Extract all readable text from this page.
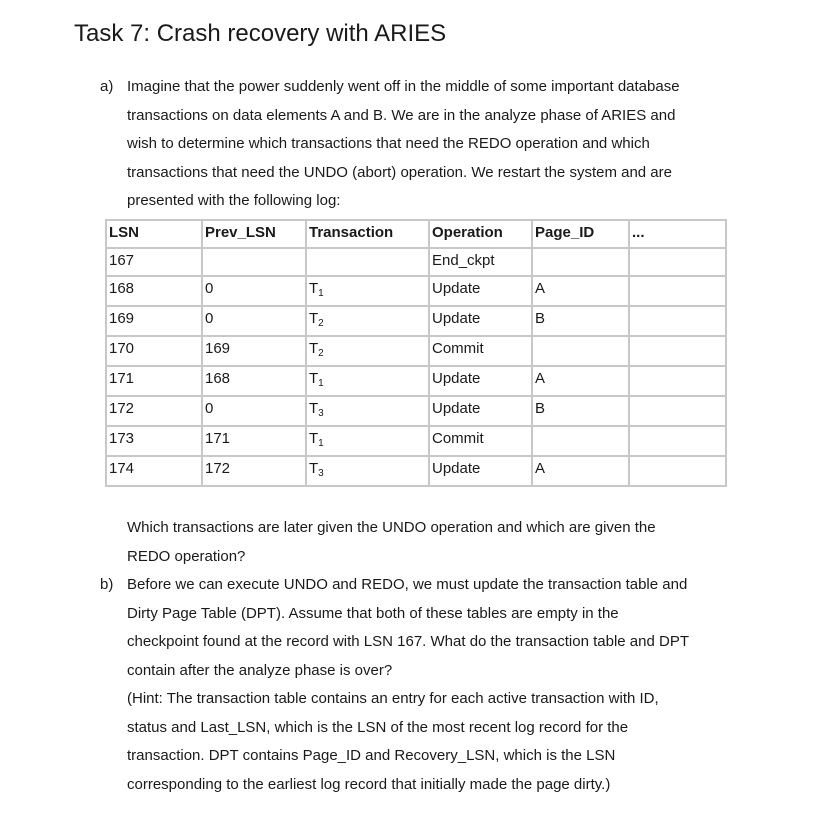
Task 7: Crash recovery with ARIES
a) Imagine that the power suddenly went off in the middle of some important database
transactions on data elements A and B. We are in the analyze phase of ARIES and
wish to determine which transactions that need the REDO operation and which
transactions that need the UNDO (abort) operation. We restart the system and are
presented with the following log:
LSN	Prev_LSN	Transaction	Operation	Page_ID	...
167			End_ckpt		
168	0	$T_1$	Update	A	
169	0	$T_2$	Update	B	
170	169	$T_2$	Commit		
171	168	$T_1$	Update	A	
172	0	$T_3$	Update	B	
173	171	$T_1$	Commit		
174	172	$T_3$	Update	A	
Which transactions are later given the UNDO operation and which are given the
REDO operation?
b) Before we can execute UNDO and REDO, we must update the transaction table and
Dirty Page Table (DPT). Assume that both of these tables are empty in the
checkpoint found at the record with LSN 167. What do the transaction table and DPT
contain after the analyze phase is over?
(Hint: The transaction table contains an entry for each active transaction with ID,
status and Last_LSN, which is the LSN of the most recent log record for the
transaction. DPT contains Page_ID and Recovery_LSN, which is the LSN
corresponding to the earliest log record that initially made the page dirty.)
